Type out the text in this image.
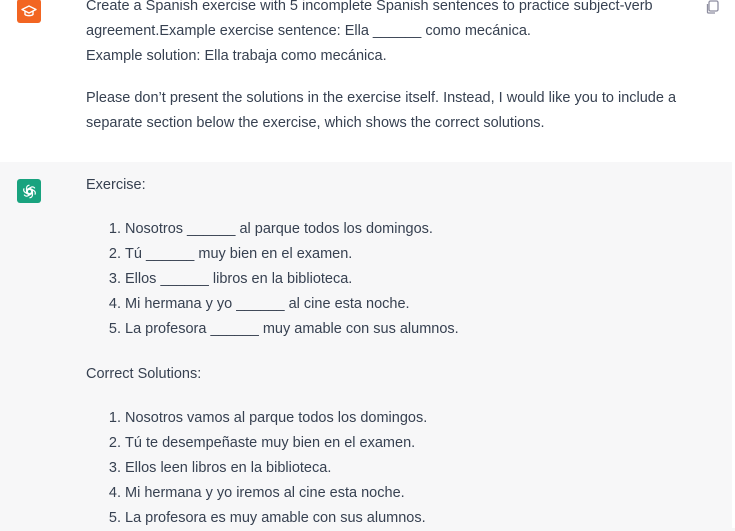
Create a Spanish exercise with 5 incomplete Spanish sentences to practice subject-verb

agreement.Example exercise sentence: Ella ______ como mecánica.

Example solution: Ella trabaja como mecánica.

Please don’t present the solutions in the exercise itself. Instead, I would like you to include a separate section below the exercise, which shows the correct solutions.

Exercise:

1. Nosotros ______ al parque todos los domingos.
2. Tú ______ muy bien en el examen.
3. Ellos ______ libros en la biblioteca.
4. Mi hermana y yo ______ al cine esta noche.
5. La profesora ______ muy amable con sus alumnos.

Correct Solutions:

1. Nosotros vamos al parque todos los domingos.
2. Tú te desempeñaste muy bien en el examen.
3. Ellos leen libros en la biblioteca.
4. Mi hermana y yo iremos al cine esta noche.
5. La profesora es muy amable con sus alumnos.
